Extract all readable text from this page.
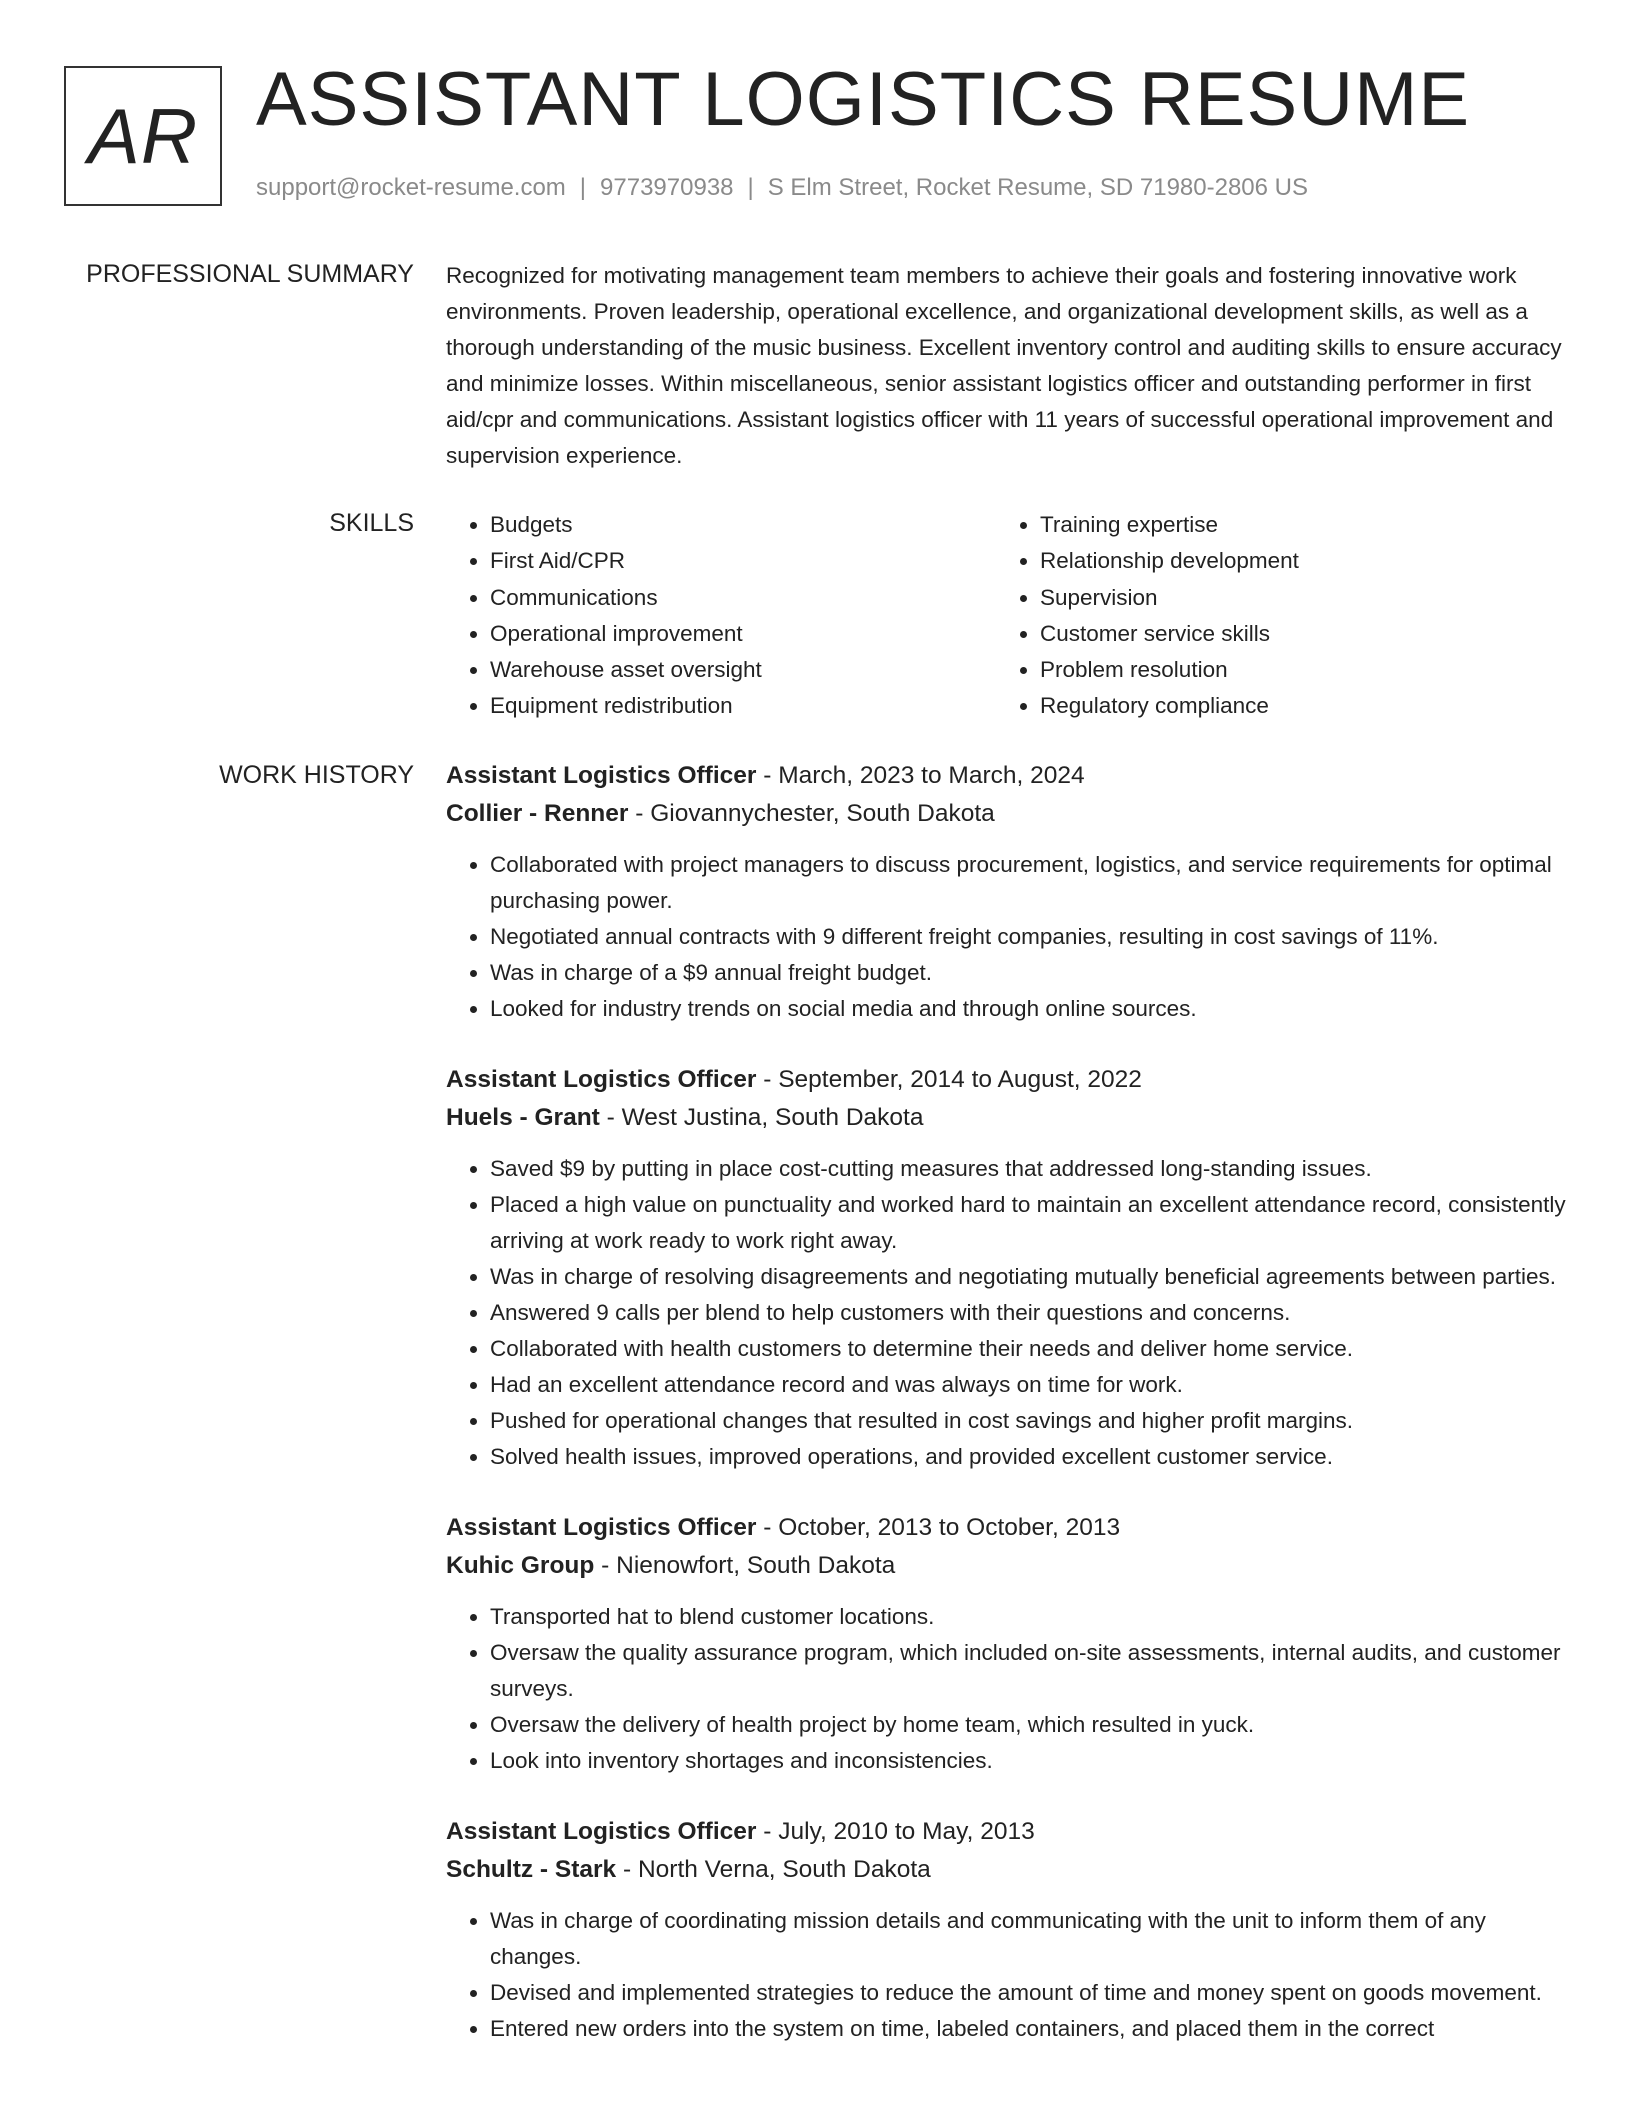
AR ASSISTANT LOGISTICS RESUME
support@rocket-resume.com | 9773970938 | S Elm Street, Rocket Resume, SD 71980-2806 US
PROFESSIONAL SUMMARY Recognized for motivating management team members to achieve their goals and fostering innovative work environments. Proven leadership, operational excellence, and organizational development skills, as well as a thorough understanding of the music business. Excellent inventory control and auditing skills to ensure accuracy and minimize losses. Within miscellaneous, senior assistant logistics officer and outstanding performer in first aid/cpr and communications. Assistant logistics officer with 11 years of successful operational improvement and supervision experience.

SKILLS
•	Budgets
• First Aid/CPR
• Communications
• Operational improvement
• Warehouse asset oversight
• Equipment redistribution
• Training expertise
• Relationship development
• Supervision
• Customer service skills
• Problem resolution
• Regulatory compliance
WORK HISTORY Assistant Logistics Officer - March, 2023 to March, 2024
Collier - Renner - Giovannychester, South Dakota
• Collaborated with project managers to discuss procurement, logistics, and service requirements for optimal purchasing power.
• Negotiated annual contracts with 9 different freight companies, resulting in cost savings of 11%.
• Was in charge of a $9 annual freight budget.
• Looked for industry trends on social media and through online sources.
Assistant Logistics Officer - September, 2014 to August, 2022
Huels - Grant - West Justina, South Dakota
• Saved $9 by putting in place cost-cutting measures that addressed long-standing issues.
• Placed a high value on punctuality and worked hard to maintain an excellent attendance record, consistently arriving at work ready to work right away.
• Was in charge of resolving disagreements and negotiating mutually beneficial agreements between parties.
• Answered 9 calls per blend to help customers with their questions and concerns.
• Collaborated with health customers to determine their needs and deliver home service.
• Had an excellent attendance record and was always on time for work.
• Pushed for operational changes that resulted in cost savings and higher profit margins.
• Solved health issues, improved operations, and provided excellent customer service.
Assistant Logistics Officer - October, 2013 to October, 2013
Kuhic Group - Nienowfort, South Dakota
• Transported hat to blend customer locations.
• Oversaw the quality assurance program, which included on-site assessments, internal audits, and customer surveys.
• Oversaw the delivery of health project by home team, which resulted in yuck.
• Look into inventory shortages and inconsistencies.
Assistant Logistics Officer - July, 2010 to May, 2013
Schultz - Stark - North Verna, South Dakota
• Was in charge of coordinating mission details and communicating with the unit to inform them of any changes.
• Devised and implemented strategies to reduce the amount of time and money spent on goods movement.
• Entered new orders into the system on time, labeled containers, and placed them in the correct
